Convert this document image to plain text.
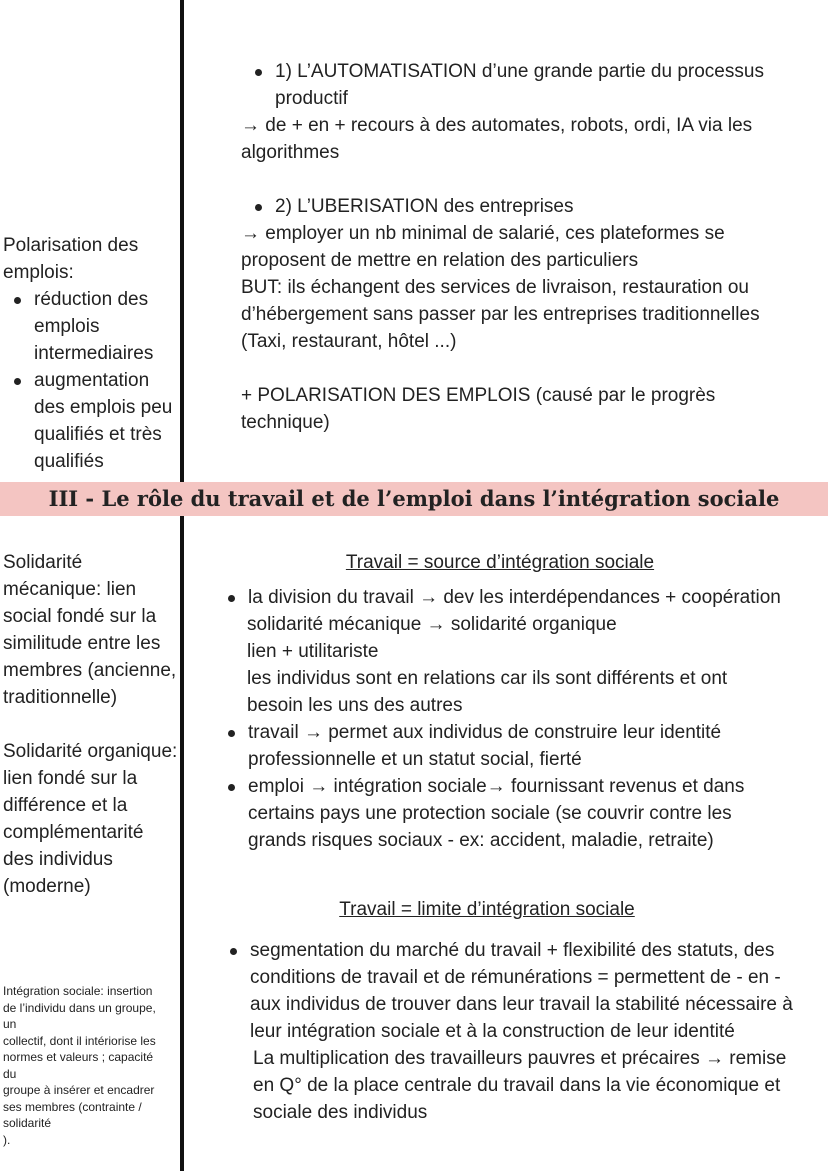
Polarisation des emplois:

réduction des emplois intermediaires
augmentation des emplois peu qualifiés et très qualifiés
1) L’AUTOMATISATION d’une grande partie du processus productif

→ de + en + recours à des automates, robots, ordi, IA via les algorithmes

2) L’UBERISATION des entreprises

→ employer un nb minimal de salarié, ces plateformes se proposent de mettre en relation des particuliers

BUT: ils échangent des services de livraison, restauration ou d’hébergement sans passer par les entreprises traditionnelles (Taxi, restaurant, hôtel ...)

+ POLARISATION DES EMPLOIS (causé par le progrès technique)

III - Le rôle du travail et de l’emploi dans l’intégration sociale

Solidarité mécanique: lien social fondé sur la similitude entre les membres (ancienne, traditionnelle)

Solidarité organique: lien fondé sur la différence et la complémentarité des individus (moderne)

Intégration sociale: insertion

de l’individu dans un groupe,

un

collectif, dont il intériorise les

normes et valeurs ; capacité

du

groupe à insérer et encadrer

ses membres (contrainte /

solidarité

).

Travail = source d’intégration sociale

la division du travail → dev les interdépendances + coopération

solidarité mécanique → solidarité organique

lien + utilitariste

les individus sont en relations car ils sont différents et ont besoin les uns des autres

travail → permet aux individus de construire leur identité professionnelle et un statut social, fierté
emploi → intégration sociale→ fournissant revenus et dans certains pays une protection sociale (se couvrir contre les grands risques sociaux - ex: accident, maladie, retraite)

Travail = limite d’intégration sociale

segmentation du marché du travail + flexibilité des statuts, des conditions de travail et de rémunérations = permettent de - en - aux individus de trouver dans leur travail la stabilité nécessaire à leur intégration sociale et à la construction de leur identité

La multiplication des travailleurs pauvres et précaires → remise en Q° de la place centrale du travail dans la vie économique et sociale des individus
